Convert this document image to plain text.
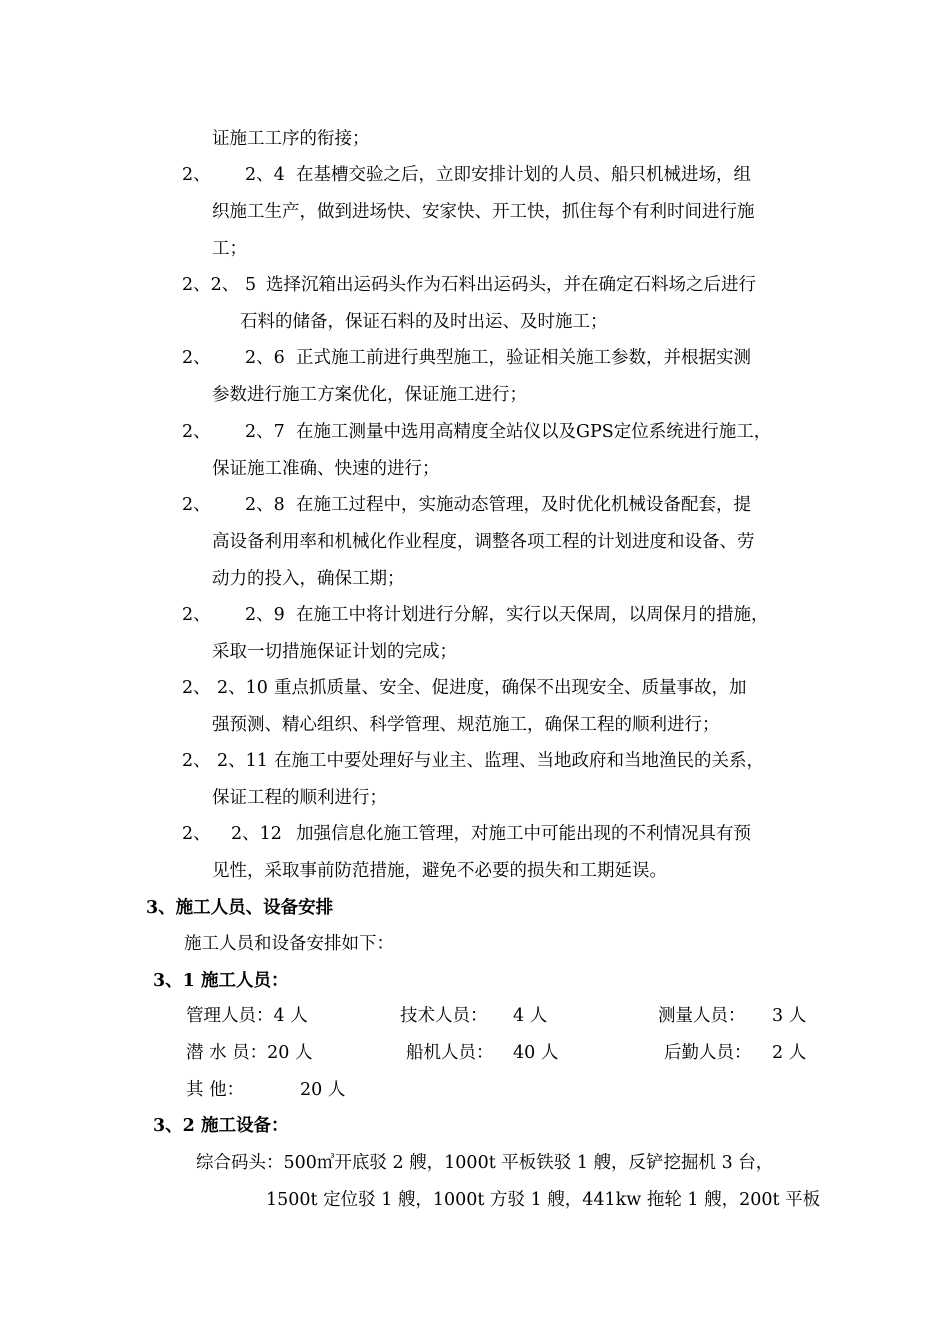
证施工工序的衔接；
2、 2、4 在基槽交验之后，立即安排计划的人员、船只机械进场，组
织施工生产，做到进场快、安家快、开工快，抓住每个有利时间进行施
工；
2、2、 5 选择沉箱出运码头作为石料出运码头，并在确定石料场之后进行
石料的储备，保证石料的及时出运、及时施工；
2、 2、6 正式施工前进行典型施工，验证相关施工参数，并根据实测
参数进行施工方案优化，保证施工进行；
2、 2、7 在施工测量中选用高精度全站仪以及GPS定位系统进行施工，
保证施工准确、快速的进行；
2、 2、8 在施工过程中，实施动态管理，及时优化机械设备配套，提
高设备利用率和机械化作业程度，调整各项工程的计划进度和设备、劳
动力的投入，确保工期；
2、 2、9 在施工中将计划进行分解，实行以天保周，以周保月的措施，
采取一切措施保证计划的完成；
2、 2、10 重点抓质量、安全、促进度，确保不出现安全、质量事故，加
强预测、精心组织、科学管理、规范施工，确保工程的顺利进行；
2、 2、11 在施工中要处理好与业主、监理、当地政府和当地渔民的关系，
保证工程的顺利进行；
2、 2、12 加强信息化施工管理，对施工中可能出现的不利情况具有预
见性，采取事前防范措施，避免不必要的损失和工期延误。
3、施工人员、设备安排
施工人员和设备安排如下：
3、1 施工人员：
管理人员：4 人	技术人员： 4 人	测量人员： 3 人
潜 水 员：20 人	船机人员： 40 人	后勤人员： 2 人
其 他：	20 人
3、2 施工设备：
综合码头：500㎥开底驳 2 艘，1000t 平板铁驳 1 艘，反铲挖掘机 3 台，
1500t 定位驳 1 艘，1000t 方驳 1 艘，441kw 拖轮 1 艘，200t 平板
